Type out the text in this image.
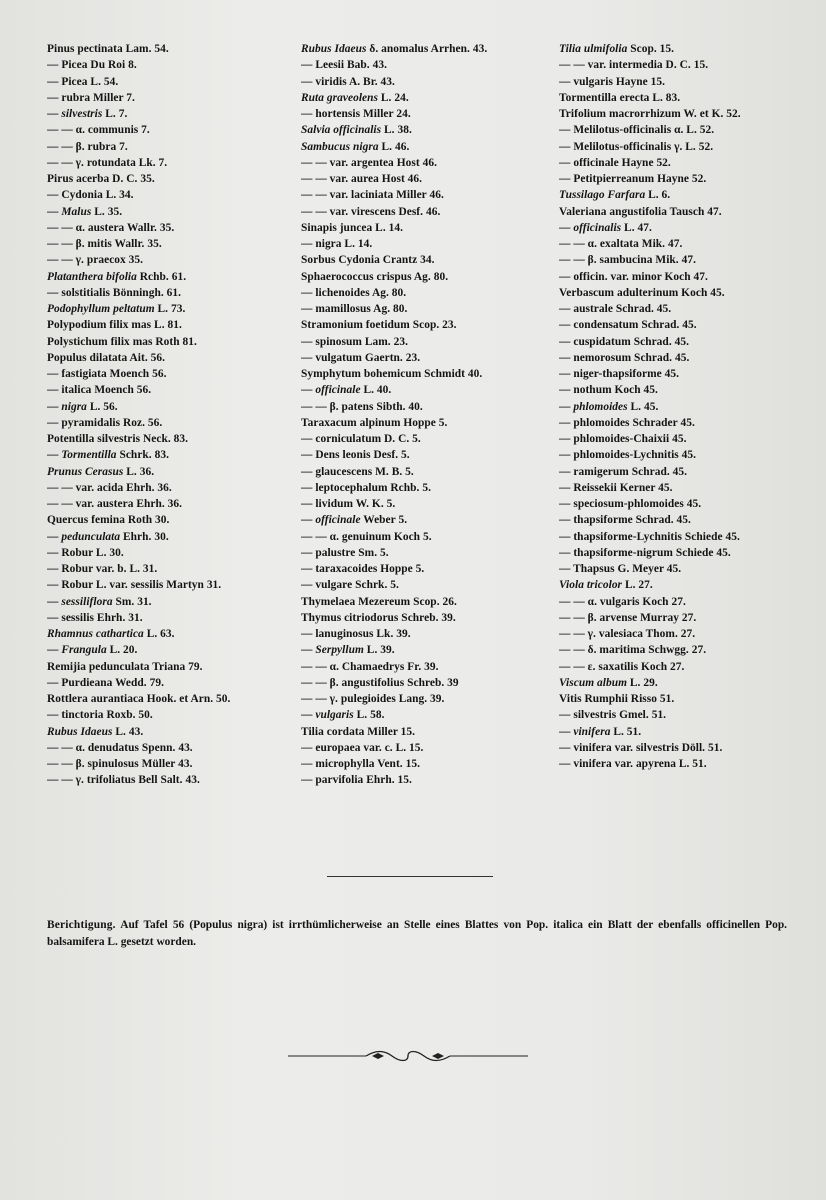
Pinus pectinata Lam. 54.
— Picea Du Roi 8.
— Picea L. 54.
— rubra Miller 7.
— silvestris L. 7.
— — α. communis 7.
— — β. rubra 7.
— — γ. rotundata Lk. 7.
Pirus acerba D. C. 35.
— Cydonia L. 34.
— Malus L. 35.
— — α. austera Wallr. 35.
— — β. mitis Wallr. 35.
— — γ. praecox 35.
Platanthera bifolia Rchb. 61.
— solstitialis Bönningh. 61.
Podophyllum peltatum L. 73.
Polypodium filix mas L. 81.
Polystichum filix mas Roth 81.
Populus dilatata Ait. 56.
— fastigiata Moench 56.
— italica Moench 56.
— nigra L. 56.
— pyramidalis Roz. 56.
Potentilla silvestris Neck. 83.
— Tormentilla Schrk. 83.
Prunus Cerasus L. 36.
— — var. acida Ehrh. 36.
— — var. austera Ehrh. 36.
Quercus femina Roth 30.
— pedunculata Ehrh. 30.
— Robur L. 30.
— Robur var. b. L. 31.
— Robur L. var. sessilis Martyn 31.
— sessiliflora Sm. 31.
— sessilis Ehrh. 31.
Rhamnus cathartica L. 63.
— Frangula L. 20.
Remijia pedunculata Triana 79.
— Purdieana Wedd. 79.
Rottlera aurantiaca Hook. et Arn. 50.
— tinctoria Roxb. 50.
Rubus Idaeus L. 43.
— — α. denudatus Spenn. 43.
— — β. spinulosus Müller 43.
— — γ. trifoliatus Bell Salt. 43.
Rubus Idaeus δ. anomalus Arrhen. 43.
— Leesii Bab. 43.
— viridis A. Br. 43.
Ruta graveolens L. 24.
— hortensis Miller 24.
Salvia officinalis L. 38.
Sambucus nigra L. 46.
— — var. argentea Host 46.
— — var. aurea Host 46.
— — var. laciniata Miller 46.
— — var. virescens Desf. 46.
Sinapis juncea L. 14.
— nigra L. 14.
Sorbus Cydonia Crantz 34.
Sphaerococcus crispus Ag. 80.
— lichenoides Ag. 80.
— mamillosus Ag. 80.
Stramonium foetidum Scop. 23.
— spinosum Lam. 23.
— vulgatum Gaertn. 23.
Symphytum bohemicum Schmidt 40.
— officinale L. 40.
— — β. patens Sibth. 40.
Taraxacum alpinum Hoppe 5.
— corniculatum D. C. 5.
— Dens leonis Desf. 5.
— glaucescens M. B. 5.
— leptocephalum Rchb. 5.
— lividum W. K. 5.
— officinale Weber 5.
— — α. genuinum Koch 5.
— palustre Sm. 5.
— taraxacoides Hoppe 5.
— vulgare Schrk. 5.
Thymelaea Mezereum Scop. 26.
Thymus citriodorus Schreb. 39.
— lanuginosus Lk. 39.
— Serpyllum L. 39.
— — α. Chamaedrys Fr. 39.
— — β. angustifolius Schreb. 39
— — γ. pulegioides Lang. 39.
— vulgaris L. 58.
Tilia cordata Miller 15.
— europaea var. c. L. 15.
— microphylla Vent. 15.
— parvifolia Ehrh. 15.
Tilia ulmifolia Scop. 15.
— — var. intermedia D. C. 15.
— vulgaris Hayne 15.
Tormentilla erecta L. 83.
Trifolium macrorrhizum W. et K. 52.
— Melilotus-officinalis α. L. 52.
— Melilotus-officinalis γ. L. 52.
— officinale Hayne 52.
— Petitpierreanum Hayne 52.
Tussilago Farfara L. 6.
Valeriana angustifolia Tausch 47.
— officinalis L. 47.
— — α. exaltata Mik. 47.
— — β. sambucina Mik. 47.
— officin. var. minor Koch 47.
Verbascum adulterinum Koch 45.
— australe Schrad. 45.
— condensatum Schrad. 45.
— cuspidatum Schrad. 45.
— nemorosum Schrad. 45.
— niger-thapsiforme 45.
— nothum Koch 45.
— phlomoides L. 45.
— phlomoides Schrader 45.
— phlomoides-Chaixii 45.
— phlomoides-Lychnitis 45.
— ramigerum Schrad. 45.
— Reissekii Kerner 45.
— speciosum-phlomoides 45.
— thapsiforme Schrad. 45.
— thapsiforme-Lychnitis Schiede 45.
— thapsiforme-nigrum Schiede 45.
— Thapsus G. Meyer 45.
Viola tricolor L. 27.
— — α. vulgaris Koch 27.
— — β. arvense Murray 27.
— — γ. valesiaca Thom. 27.
— — δ. maritima Schwgg. 27.
— — ε. saxatilis Koch 27.
Viscum album L. 29.
Vitis Rumphii Risso 51.
— silvestris Gmel. 51.
— vinifera L. 51.
— vinifera var. silvestris Döll. 51.
— vinifera var. apyrena L. 51.
Berichtigung. Auf Tafel 56 (Populus nigra) ist irrthümlicherweise an Stelle eines Blattes von Pop. italica ein Blatt der ebenfalls officinellen Pop. balsamifera L. gesetzt worden.
